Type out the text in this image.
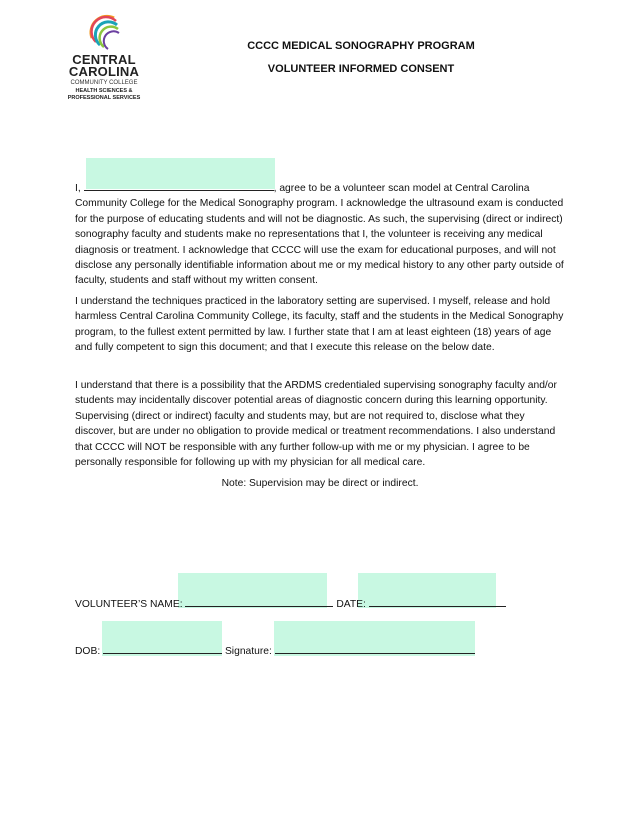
CENTRAL
CAROLINA
COMMUNITY COLLEGE
HEALTH SCIENCES &
PROFESSIONAL SERVICES
CCCC MEDICAL SONOGRAPHY PROGRAM
VOLUNTEER INFORMED CONSENT
I,	, agree to be a volunteer scan model at Central Carolina Community College for the Medical Sonography program. I acknowledge the ultrasound exam is conducted for the purpose of educating students and will not be diagnostic. As such, the supervising (direct or indirect) sonography faculty and students make no representations that I, the volunteer is receiving any medical diagnosis or treatment. I acknowledge that CCCC will use the exam for educational purposes, and will not disclose any personally identifiable information about me or my medical history to any other party outside of faculty, students and staff without my written consent.
I understand the techniques practiced in the laboratory setting are supervised. I myself, release and hold harmless Central Carolina Community College, its faculty, staff and the students in the Medical Sonography program, to the fullest extent permitted by law. I further state that I am at least eighteen (18) years of age and fully competent to sign this document; and that I execute this release on the below date.
I understand that there is a possibility that the ARDMS credentialed supervising sonography faculty and/or students may incidentally discover potential areas of diagnostic concern during this learning opportunity. Supervising (direct or indirect) faculty and students may, but are not required to, disclose what they discover, but are under no obligation to provide medical or treatment recommendations. I also understand that CCCC will NOT be responsible with any further follow-up with me or my physician. I agree to be personally responsible for following up with my physician for all medical care.
Note: Supervision may be direct or indirect.
VOLUNTEER’S NAME:	DATE:
DOB:	Signature:
